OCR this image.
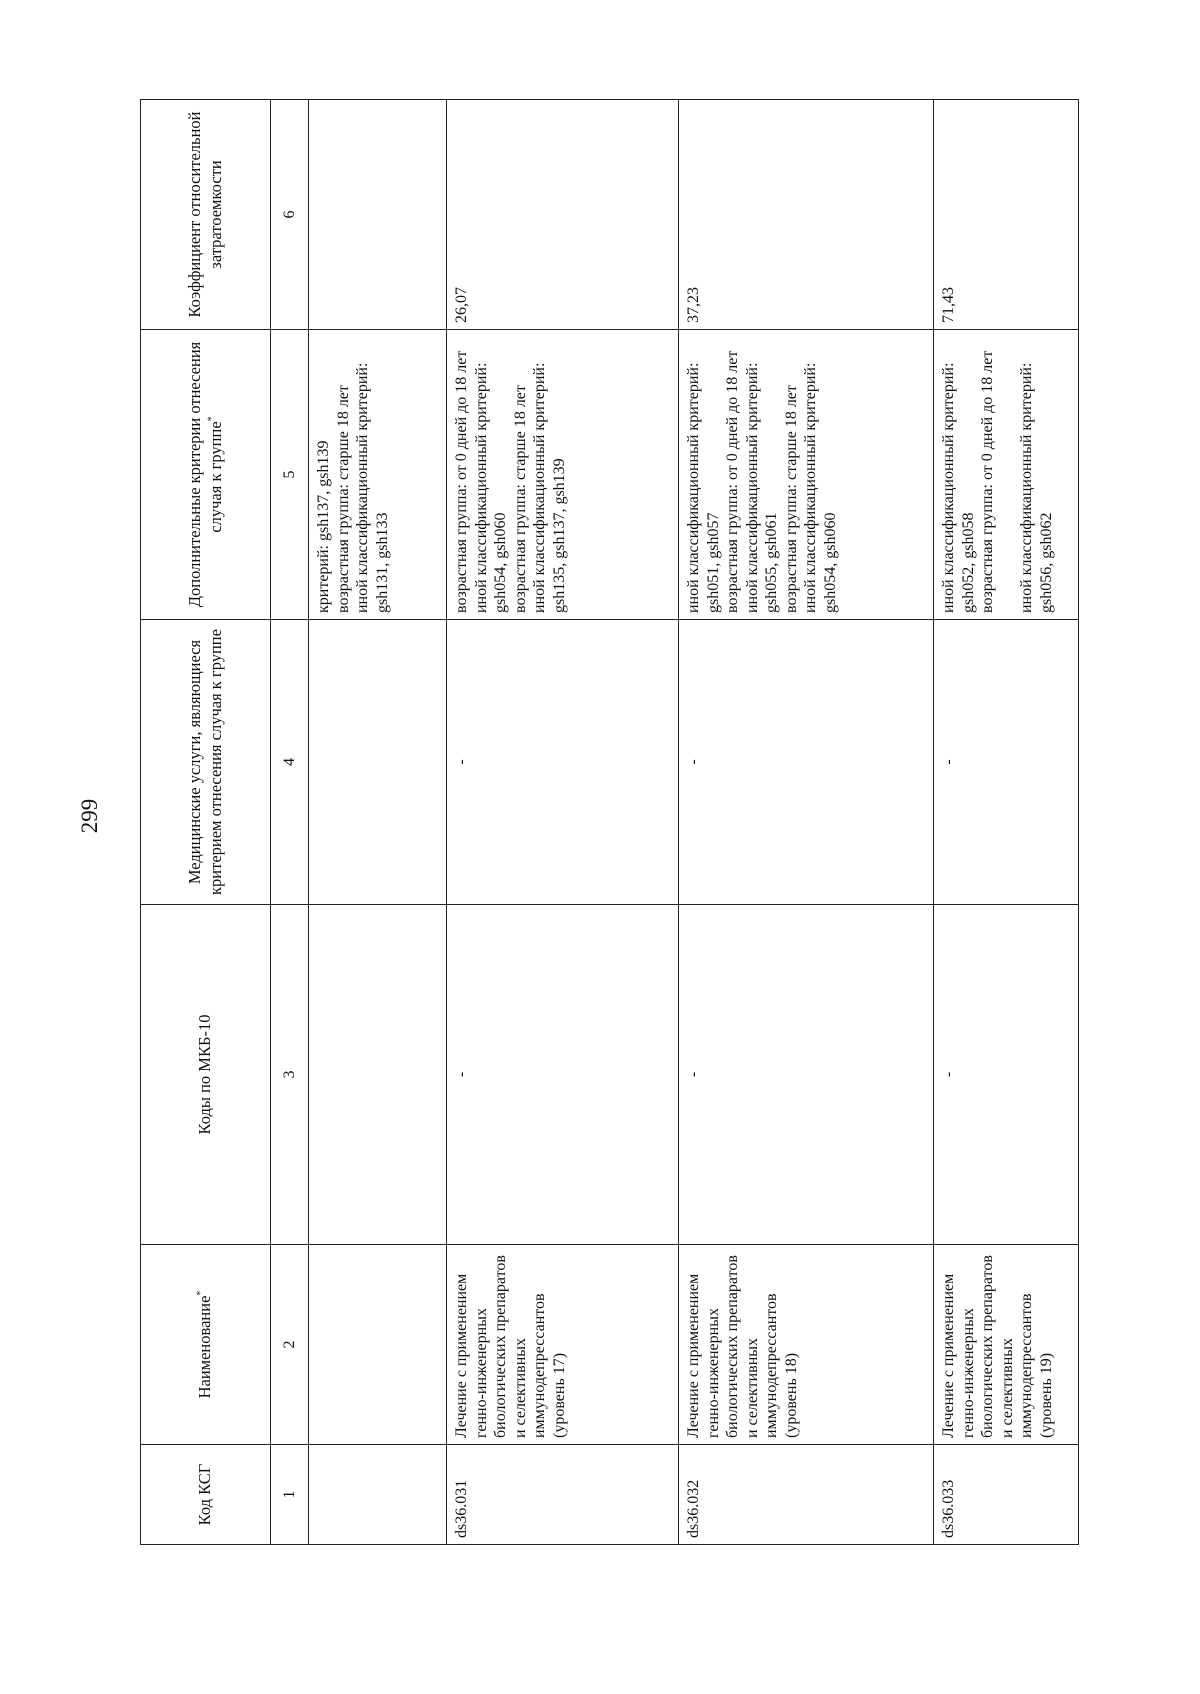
299
Код КСГ	Наименование*	Коды по МКБ-10	Медицинские услуги, являющиеся критерием отнесения случая к группе	Дополнительные критерии отнесения случая к группе*	Коэффициент относительной затратоемкости
1	2	3	4	5	6
				критерий: gsh137, gsh139
возрастная группа: старше 18 лет
иной классификационный критерий: gsh131, gsh133	
ds36.031	Лечение с применением генно-инженерных биологических препаратов и селективных иммунодепрессантов (уровень 17)	-	-	возрастная группа: от 0 дней до 18 лет
иной классификационный критерий: gsh054, gsh060
возрастная группа: старше 18 лет
иной классификационный критерий: gsh135, gsh137, gsh139	26,07
ds36.032	Лечение с применением генно-инженерных биологических препаратов и селективных иммунодепрессантов (уровень 18)	-	-	иной классификационный критерий: gsh051, gsh057
возрастная группа: от 0 дней до 18 лет
иной классификационный критерий: gsh055, gsh061
возрастная группа: старше 18 лет
иной классификационный критерий: gsh054, gsh060	37,23
ds36.033	Лечение с применением генно-инженерных биологических препаратов и селективных иммунодепрессантов (уровень 19)	-	-	иной классификационный критерий: gsh052, gsh058
возрастная группа: от 0 дней до 18 лет

иной классификационный критерий: gsh056, gsh062	71,43
